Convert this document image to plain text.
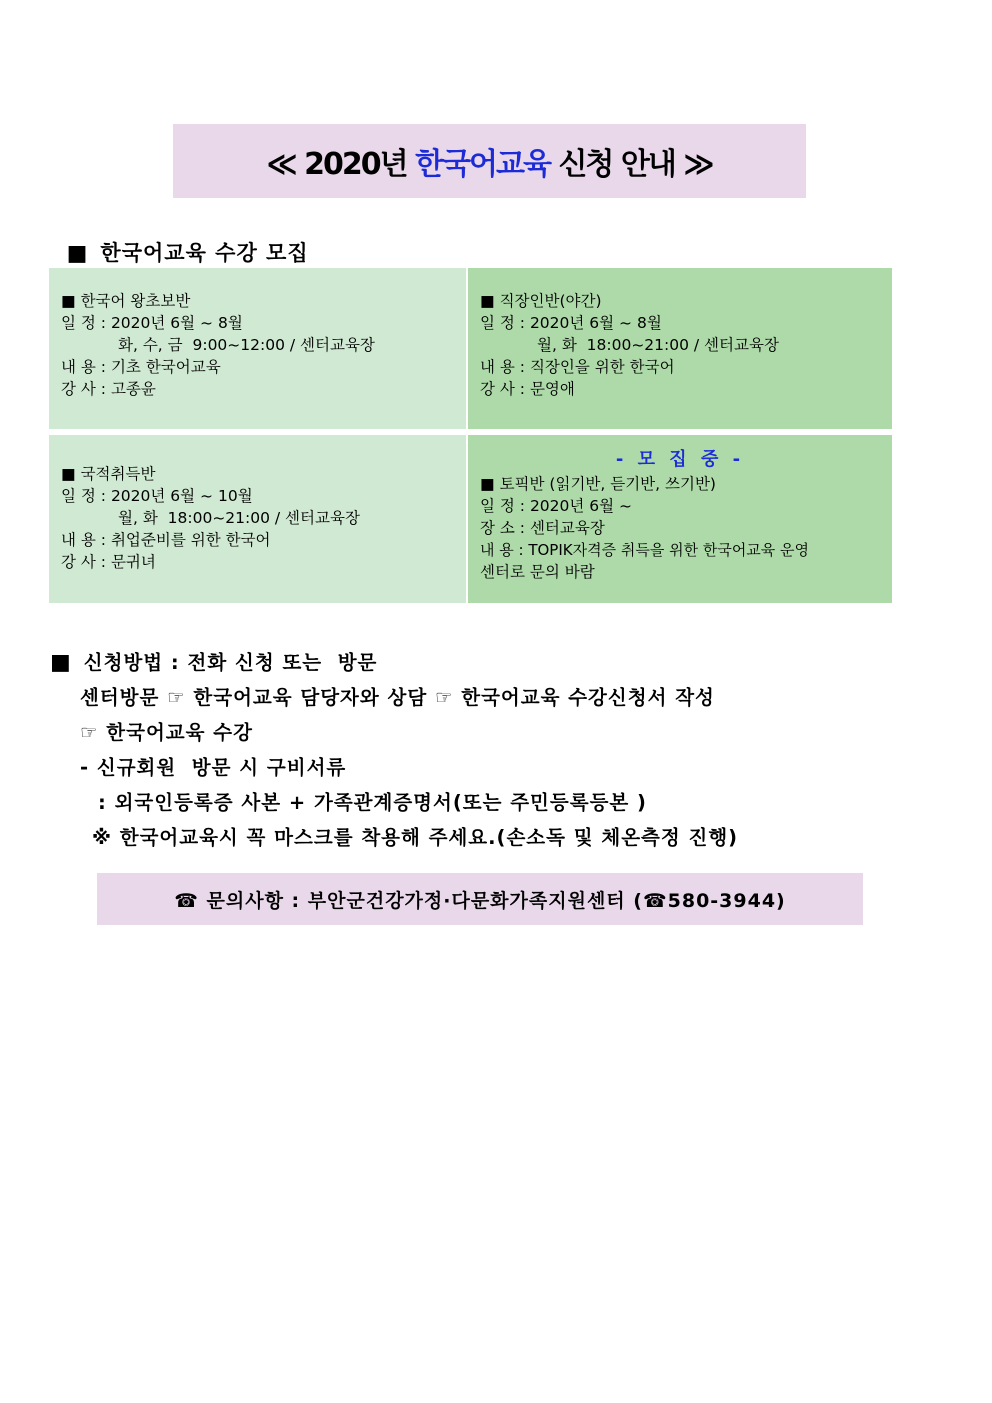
≪ 2020년 한국어교육 신청 안내 ≫

■ 한국어교육 수강 모집

■ 한국어 왕초보반
일 정 : 2020년 6월 ~ 8월
화, 수, 금  9:00~12:00 / 센터교육장
내 용 : 기초 한국어교육
강 사 : 고종윤
■ 직장인반(야간)
일 정 : 2020년 6월 ~ 8월
월, 화  18:00~21:00 / 센터교육장
내 용 : 직장인을 위한 한국어
강 사 : 문영애
■ 국적취득반
일 정 : 2020년 6월 ~ 10월
월, 화  18:00~21:00 / 센터교육장
내 용 : 취업준비를 위한 한국어
강 사 : 문귀녀
- 모 집 중 -
■ 토픽반 (읽기반, 듣기반, 쓰기반)
일 정 : 2020년 6월 ~
장 소 : 센터교육장
내 용 : TOPIK자격증 취득을 위한 한국어교육 운영
센터로 문의 바람
■ 신청방법 : 전화 신청 또는  방문
센터방문 ☞ 한국어교육 담당자와 상담 ☞ 한국어교육 수강신청서 작성
☞ 한국어교육 수강
- 신규회원  방문 시 구비서류
: 외국인등록증 사본 + 가족관계증명서(또는 주민등록등본 )
※ 한국어교육시 꼭 마스크를 착용해 주세요.(손소독 및 체온측정 진행)
☎ 문의사항 : 부안군건강가정·다문화가족지원센터 (☎580-3944)
